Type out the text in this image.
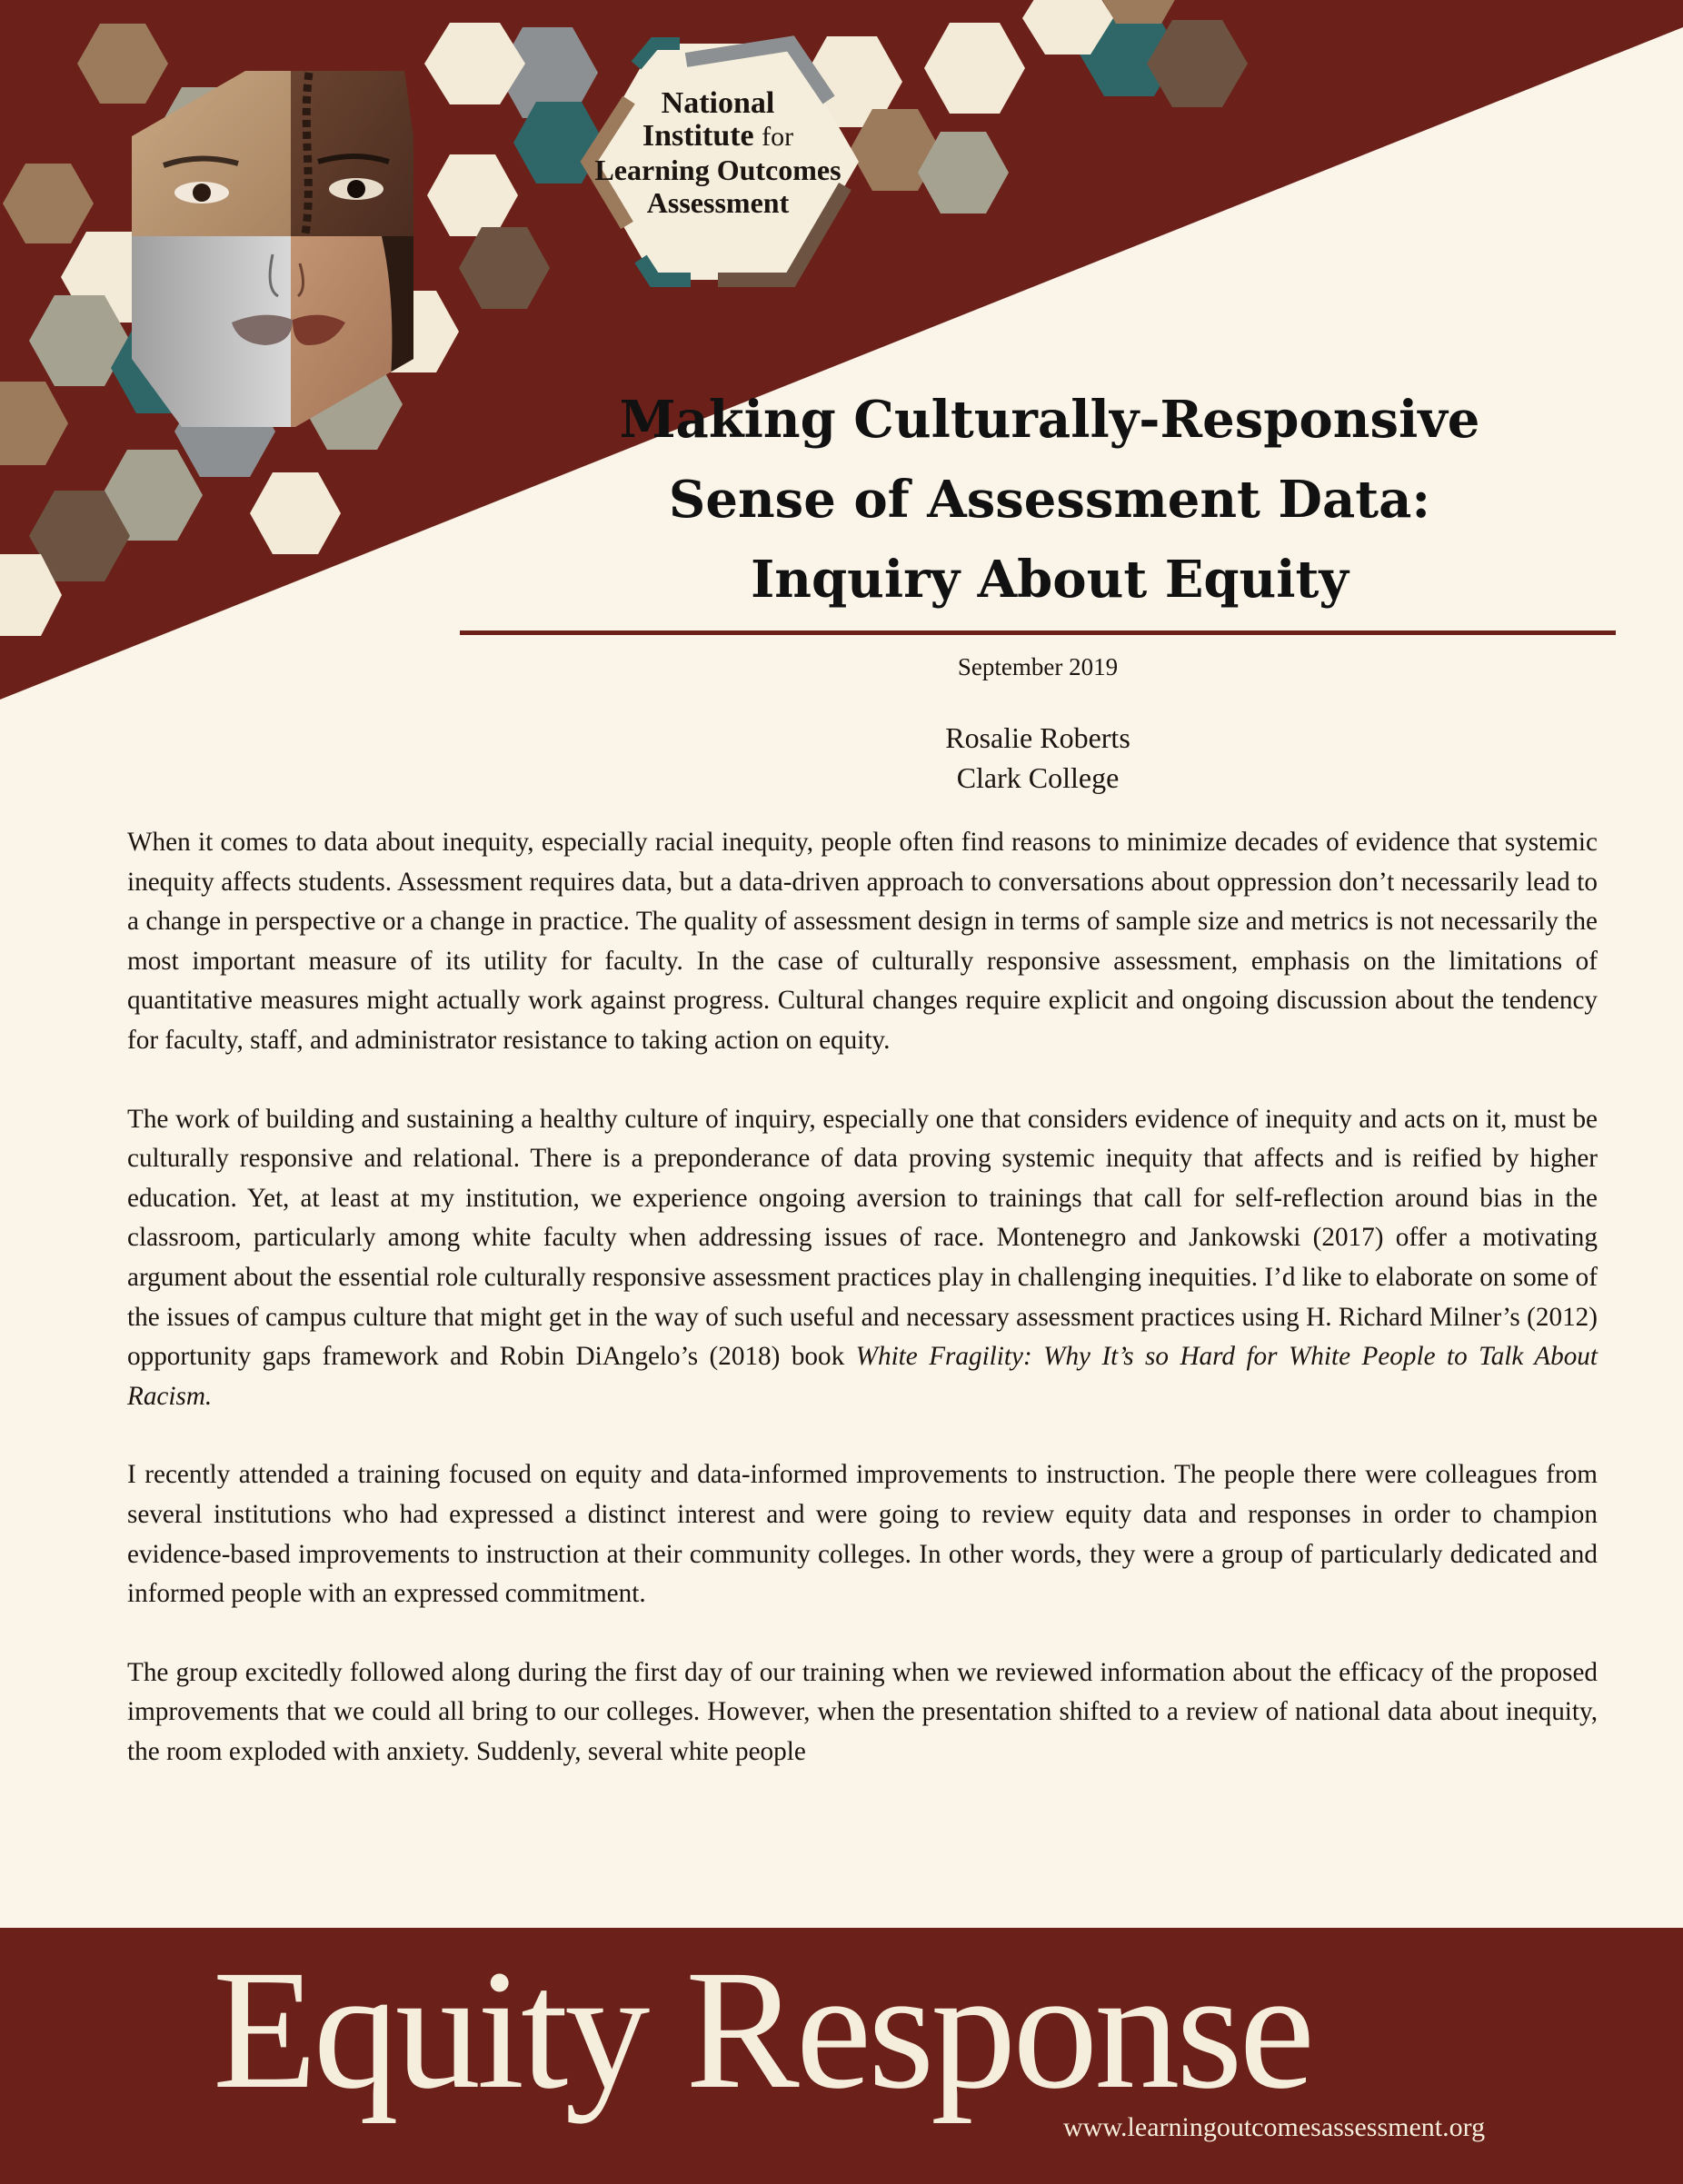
National
Institute for
Learning Outcomes
Assessment
Making Culturally-Responsive
Sense of Assessment Data:
Inquiry About Equity
September 2019
Rosalie Roberts
Clark College

When it comes to data about inequity, especially racial inequity, people often find reasons to minimize decades of evidence that systemic inequity affects students. Assessment requires data, but a data-driven approach to conversations about oppression don’t necessarily lead to a change in perspective or a change in practice. The quality of assessment design in terms of sample size and metrics is not necessarily the most important measure of its utility for faculty. In the case of culturally responsive assessment, emphasis on the limitations of quantitative measures might actually work against progress. Cultural changes require explicit and ongoing discussion about the tendency for faculty, staff, and administrator resistance to taking action on equity.

The work of building and sustaining a healthy culture of inquiry, especially one that considers evidence of inequity and acts on it, must be culturally responsive and relational. There is a preponderance of data proving systemic inequity that affects and is reified by higher education. Yet, at least at my institution, we experience ongoing aversion to trainings that call for self-reflection around bias in the classroom, particularly among white faculty when addressing issues of race. Montenegro and Jankowski (2017) offer a motivating argument about the essential role culturally responsive assessment practices play in challenging inequities. I’d like to elaborate on some of the issues of campus culture that might get in the way of such useful and necessary assessment practices using H. Richard Milner’s (2012) opportunity gaps framework and Robin DiAngelo’s (2018) book White Fragility: Why It’s so Hard for White People to Talk About Racism.

I recently attended a training focused on equity and data-informed improvements to instruction. The people there were colleagues from several institutions who had expressed a distinct interest and were going to review equity data and responses in order to champion evidence-based improvements to instruction at their community colleges. In other words, they were a group of particularly dedicated and informed people with an expressed commitment.

The group excitedly followed along during the first day of our training when we reviewed information about the efficacy of the proposed improvements that we could all bring to our colleges. However, when the presentation shifted to a review of national data about inequity, the room exploded with anxiety. Suddenly, several white people

Equity Response
www.learningoutcomesassessment.org
